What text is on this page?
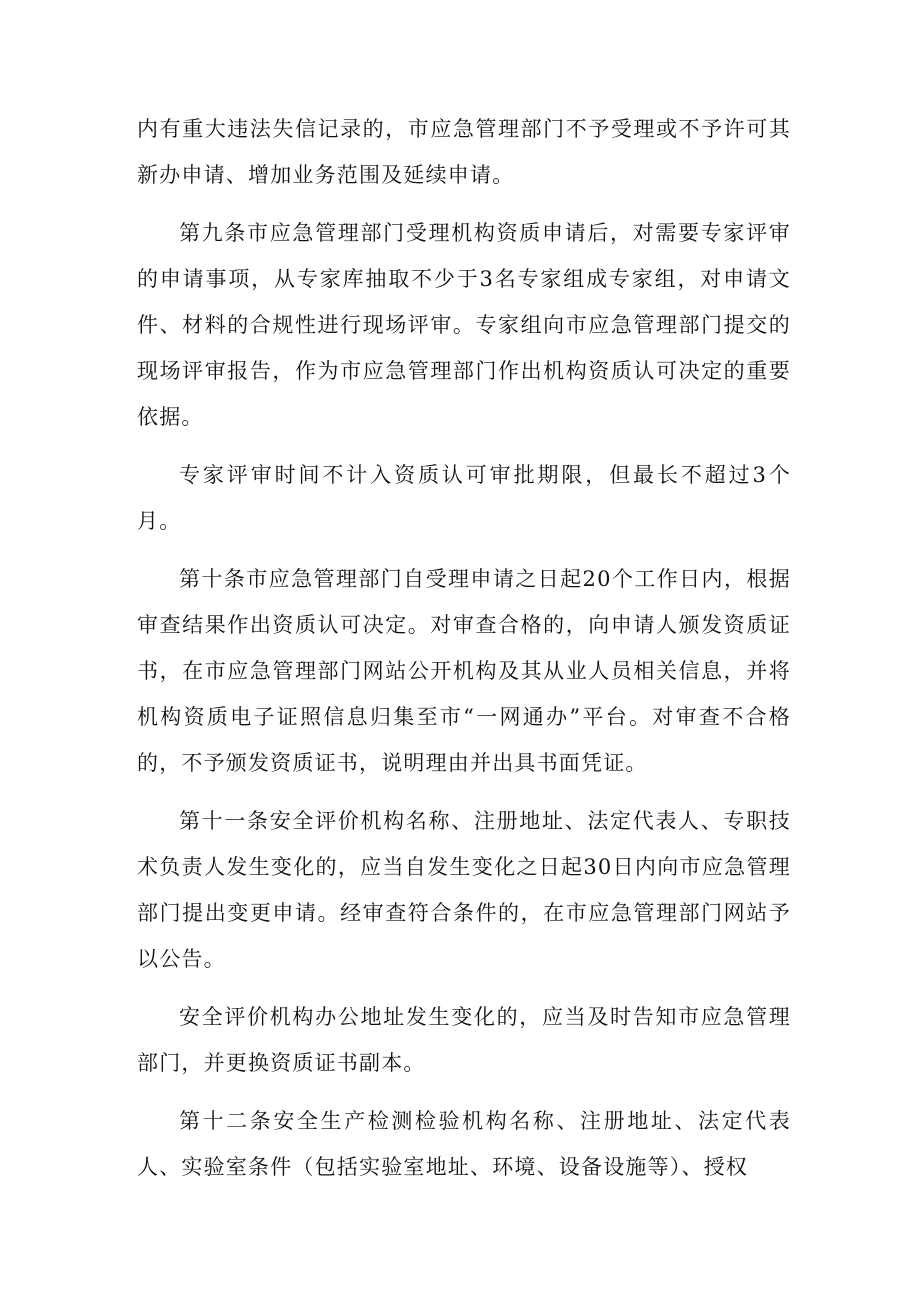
内有重大违法失信记录的，市应急管理部门不予受理或不予许可其新办申请、增加业务范围及延续申请。

第九条市应急管理部门受理机构资质申请后，对需要专家评审的申请事项，从专家库抽取不少于3名专家组成专家组，对申请文件、材料的合规性进行现场评审。专家组向市应急管理部门提交的现场评审报告，作为市应急管理部门作出机构资质认可决定的重要依据。

专家评审时间不计入资质认可审批期限，但最长不超过3个月。

第十条市应急管理部门自受理申请之日起20个工作日内，根据审查结果作出资质认可决定。对审查合格的，向申请人颁发资质证书，在市应急管理部门网站公开机构及其从业人员相关信息，并将机构资质电子证照信息归集至市“一网通办”平台。对审查不合格的，不予颁发资质证书，说明理由并出具书面凭证。

第十一条安全评价机构名称、注册地址、法定代表人、专职技术负责人发生变化的，应当自发生变化之日起30日内向市应急管理部门提出变更申请。经审查符合条件的，在市应急管理部门网站予以公告。

安全评价机构办公地址发生变化的，应当及时告知市应急管理部门，并更换资质证书副本。

第十二条安全生产检测检验机构名称、注册地址、法定代表人、实验室条件（包括实验室地址、环境、设备设施等）、授权
